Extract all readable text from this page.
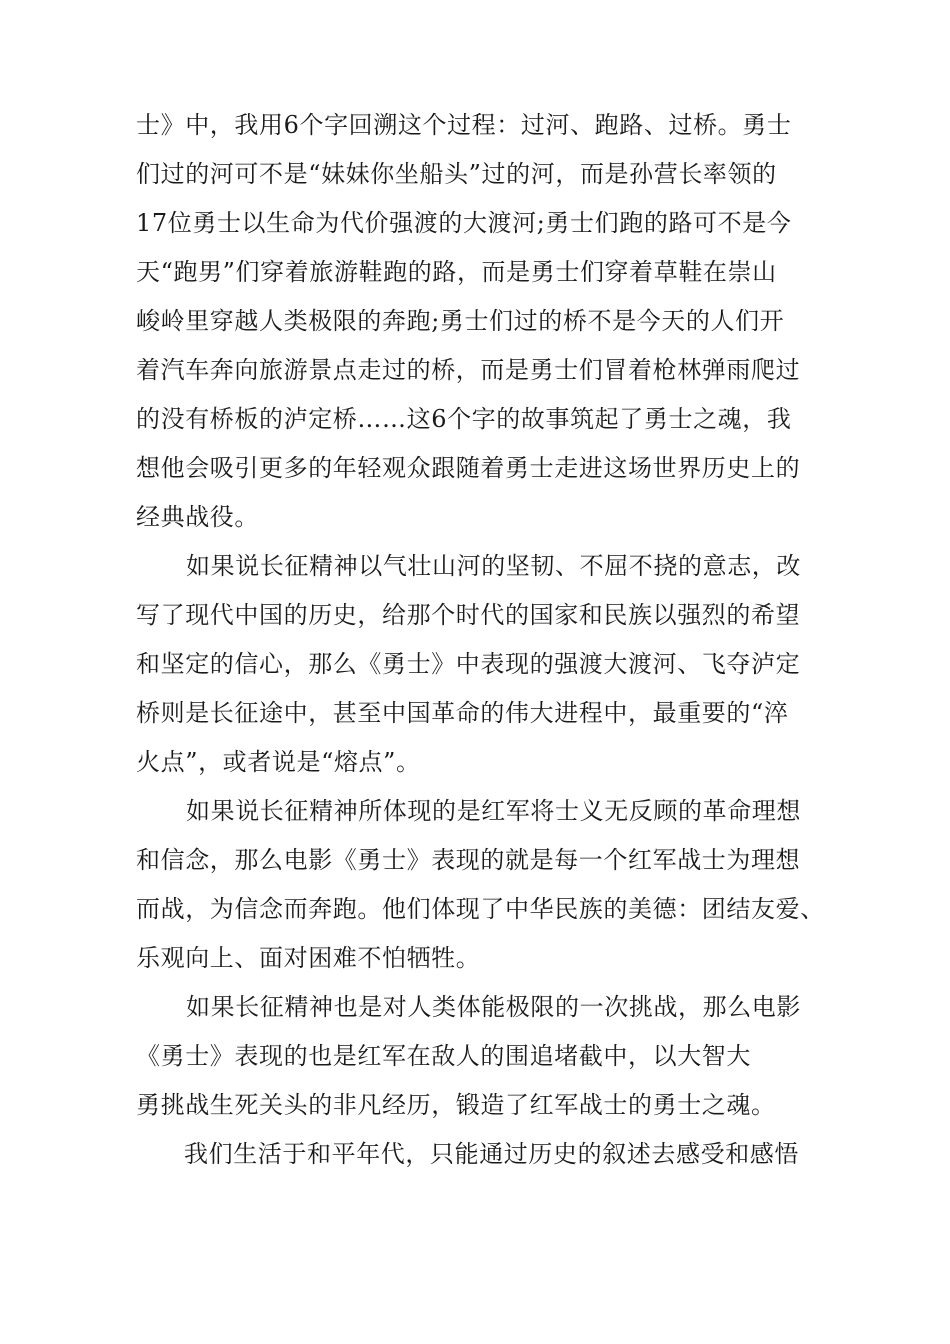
士》中，我用6个字回溯这个过程：过河、跑路、过桥。勇士
们过的河可不是“妹妹你坐船头”过的河，而是孙营长率领的
17位勇士以生命为代价强渡的大渡河;勇士们跑的路可不是今
天“跑男”们穿着旅游鞋跑的路，而是勇士们穿着草鞋在崇山
峻岭里穿越人类极限的奔跑;勇士们过的桥不是今天的人们开
着汽车奔向旅游景点走过的桥，而是勇士们冒着枪林弹雨爬过
的没有桥板的泸定桥……这6个字的故事筑起了勇士之魂，我
想他会吸引更多的年轻观众跟随着勇士走进这场世界历史上的
经典战役。
如果说长征精神以气壮山河的坚韧、不屈不挠的意志，改
写了现代中国的历史，给那个时代的国家和民族以强烈的希望
和坚定的信心，那么《勇士》中表现的强渡大渡河、飞夺泸定
桥则是长征途中，甚至中国革命的伟大进程中，最重要的“淬
火点”，或者说是“熔点”。
如果说长征精神所体现的是红军将士义无反顾的革命理想
和信念，那么电影《勇士》表现的就是每一个红军战士为理想
而战，为信念而奔跑。他们体现了中华民族的美德：团结友爱、
乐观向上、面对困难不怕牺牲。
如果长征精神也是对人类体能极限的一次挑战，那么电影
《勇士》表现的也是红军在敌人的围追堵截中，以大智大
勇挑战生死关头的非凡经历，锻造了红军战士的勇士之魂。
我们生活于和平年代，只能通过历史的叙述去感受和感悟
